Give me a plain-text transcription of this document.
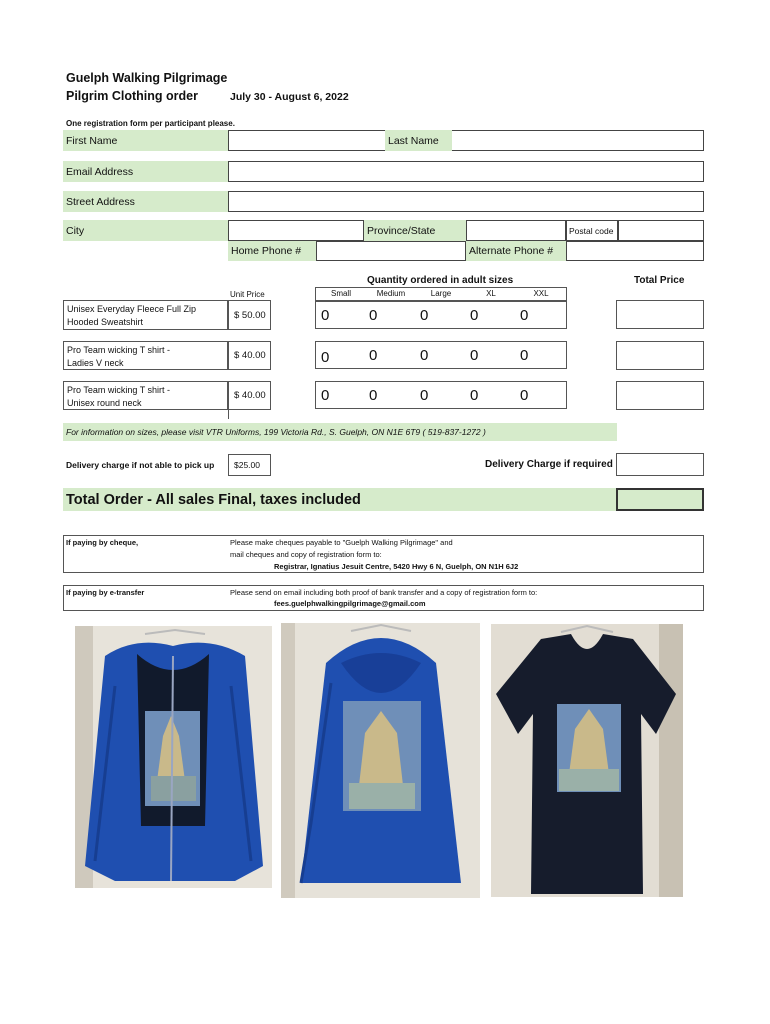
Guelph Walking Pilgrimage
Pilgrim Clothing order	July 30 - August 6, 2022
One registration form per participant please.
First Name	Last Name
Email Address
Street Address
City	Province/State	Postal code
Home Phone #	Alternate Phone #
Quantity ordered in adult sizes	Total Price
Unit Price	Small	Medium	Large	XL	XXL
Unisex Everyday Fleece Full Zip
Hooded Sweatshirt
$ 50.00	0	0	0	0	0
Pro Team wicking T shirt -
Ladies V neck
$ 40.00	0	0	0	0	0
Pro Team wicking T shirt -
Unisex round neck
$ 40.00	0	0	0	0	0
For information on sizes, please visit VTR Uniforms, 199 Victoria Rd., S. Guelph, ON N1E 6T9 ( 519-837-1272 )
Delivery charge if not able to pick up	$25.00	Delivery Charge if required
Total Order - All sales Final, taxes included
If paying by cheque,	Please make cheques payable to "Guelph Walking Pilgrimage" and
mail cheques and copy of registration form to:
Registrar, Ignatius Jesuit Centre, 5420 Hwy 6 N, Guelph, ON N1H 6J2
If paying by e-transfer	Please send on email including both proof of bank transfer and a copy of registration form to:
fees.guelphwalkingpilgrimage@gmail.com
